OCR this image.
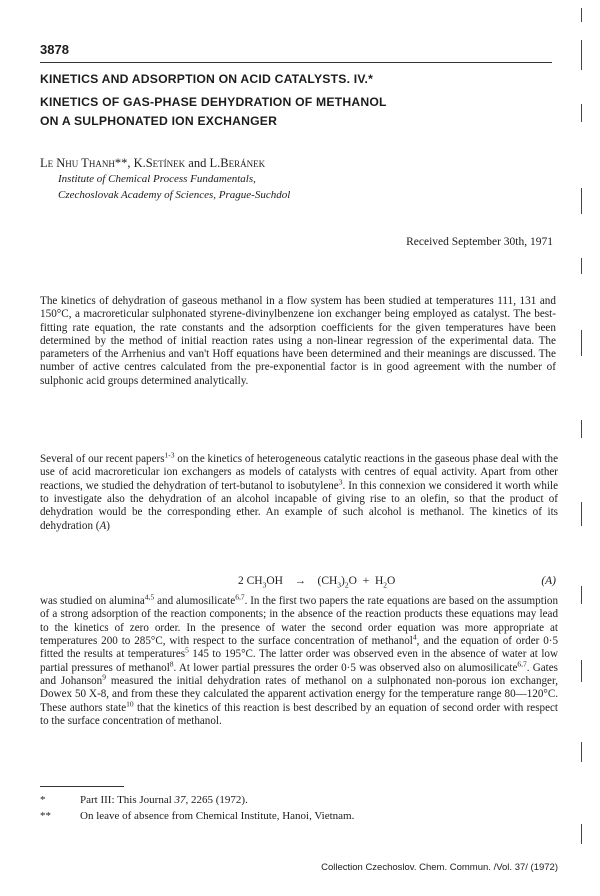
3878
KINETICS AND ADSORPTION ON ACID CATALYSTS. IV.*
KINETICS OF GAS-PHASE DEHYDRATION OF METHANOL
ON A SULPHONATED ION EXCHANGER
Le Nhu Thanh**, K.Setínek and L.Beránek
Institute of Chemical Process Fundamentals,
Czechoslovak Academy of Sciences, Prague-Suchdol
Received September 30th, 1971
The kinetics of dehydration of gaseous methanol in a flow system has been studied at temperatures 111, 131 and 150°C, a macroreticular sulphonated styrene-divinylbenzene ion exchanger being employed as catalyst. The best-fitting rate equation, the rate constants and the adsorption coefficients for the given temperatures have been determined by the method of initial reaction rates using a non-linear regression of the experimental data. The parameters of the Arrhenius and van't Hoff equations have been determined and their meanings are discussed. The number of active centres calculated from the pre-exponential factor is in good agreement with the number of sulphonic acid groups determined analytically.
Several of our recent papers$^{1-3}$ on the kinetics of heterogeneous catalytic reactions in the gaseous phase deal with the use of acid macroreticular ion exchangers as models of catalysts with centres of equal activity. Apart from other reactions, we studied the dehydration of tert-butanol to isobutylene$^3$. In this connexion we considered it worth while to investigate also the dehydration of an alcohol incapable of giving rise to an olefin, so that the product of dehydration would be the corresponding ether. An example of such alcohol is methanol. The kinetics of its dehydration (A)
2 $CH_3OH \to (CH_3)_2O + H_2O$	(A)
was studied on alumina$^{4,5}$ and alumosilicate$^{6,7}$. In the first two papers the rate equations are based on the assumption of a strong adsorption of the reaction components; in the absence of the reaction products these equations may lead to the kinetics of zero order. In the presence of water the second order equation was more appropriate at temperatures 200 to 285°C, with respect to the surface concentration of methanol$^4$, and the equation of order 0·5 fitted the results at temperatures$^5$ 145 to 195°C. The latter order was observed even in the absence of water at low partial pressures of methanol$^8$. At lower partial pressures the order 0·5 was observed also on alumosilicate$^{6,7}$. Gates and Johanson$^9$ measured the initial dehydration rates of methanol on a sulphonated non-porous ion exchanger, Dowex 50 X-8, and from these they calculated the apparent activation energy for the temperature range 80—120°C. These authors state$^{10}$ that the kinetics of this reaction is best described by an equation of second order with respect to the surface concentration of methanol.
*	Part III: This Journal 37, 2265 (1972).
**	On leave of absence from Chemical Institute, Hanoi, Vietnam.
Collection Czechoslov. Chem. Commun. /Vol. 37/ (1972)
